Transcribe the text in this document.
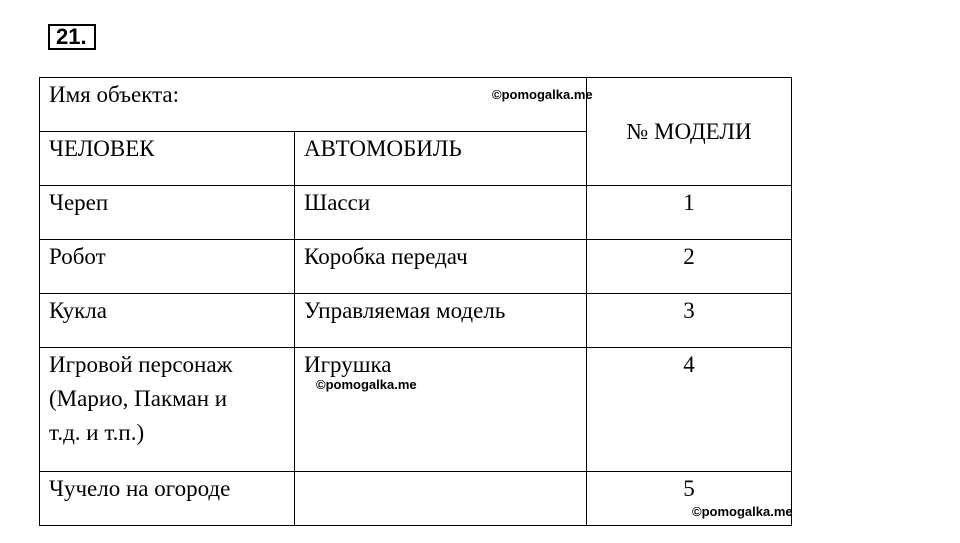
21.
Имя объекта:		№ МОДЕЛИ
ЧЕЛОВЕК	АВТОМОБИЛЬ	
Череп	Шасси	1
Робот	Коробка передач	2
Кукла	Управляемая модель	3
Игровой персонаж (Марио, Пакман и т.д. и т.п.)	Игрушка	4
Чучело на огороде		5
©pomogalka.me
©pomogalka.me
©pomogalka.me
